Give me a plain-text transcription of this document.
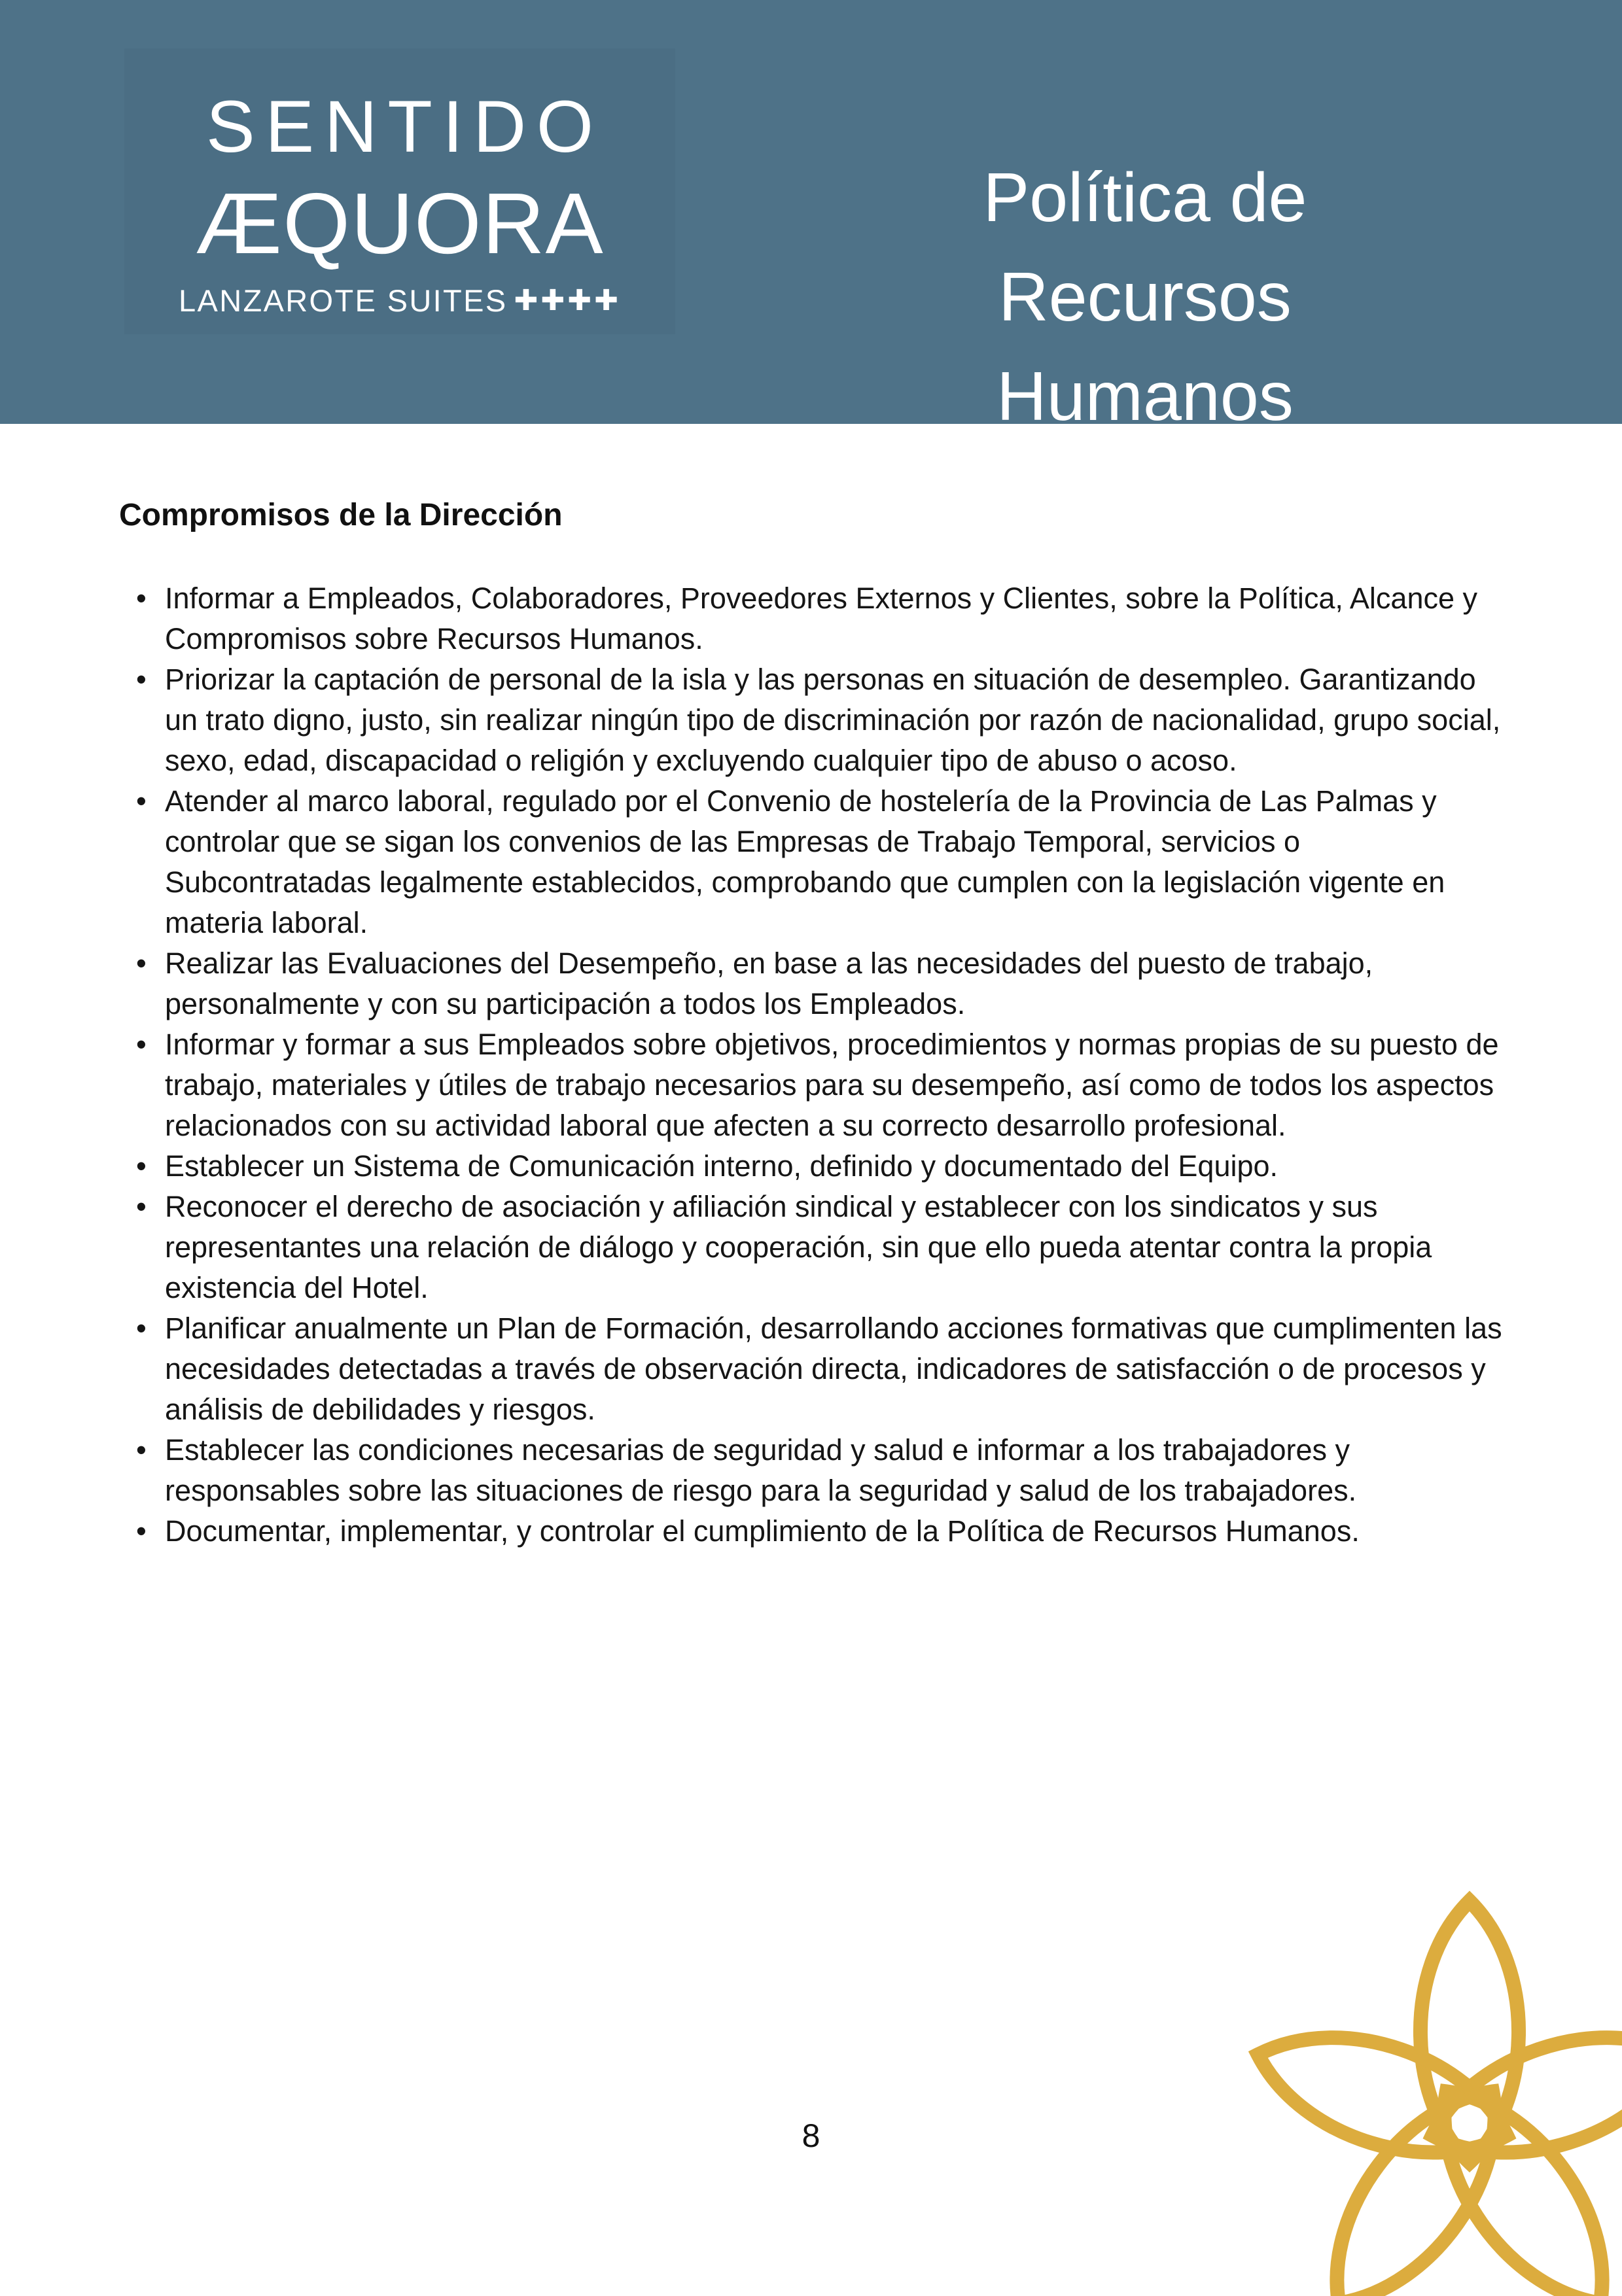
SENTIDO
ÆQUORA
LANZAROTE SUITES ✚✚✚✚
Política de
Recursos Humanos
Compromisos de la Dirección
• Informar a Empleados, Colaboradores, Proveedores Externos y Clientes, sobre la Política, Alcance y Compromisos sobre Recursos Humanos.
• Priorizar la captación de personal de la isla y las personas en situación de desempleo. Garantizando un trato digno, justo, sin realizar ningún tipo de discriminación por razón de nacionalidad, grupo social, sexo, edad, discapacidad o religión y excluyendo cualquier tipo de abuso o acoso.
• Atender al marco laboral, regulado por el Convenio de hostelería de la Provincia de Las Palmas y controlar que se sigan los convenios de las Empresas de Trabajo Temporal, servicios o Subcontratadas legalmente establecidos, comprobando que cumplen con la legislación vigente en materia laboral.
• Realizar las Evaluaciones del Desempeño, en base a las necesidades del puesto de trabajo, personalmente y con su participación a todos los Empleados.
• Informar y formar a sus Empleados sobre objetivos, procedimientos y normas propias de su puesto de trabajo, materiales y útiles de trabajo necesarios para su desempeño, así como de todos los aspectos relacionados con su actividad laboral que afecten a su correcto desarrollo profesional.
• Establecer un Sistema de Comunicación interno, definido y documentado del Equipo.
• Reconocer el derecho de asociación y afiliación sindical y establecer con los sindicatos y sus representantes una relación de diálogo y cooperación, sin que ello pueda atentar contra la propia existencia del Hotel.
• Planificar anualmente un Plan de Formación, desarrollando acciones formativas que cumplimenten las necesidades detectadas a través de observación directa, indicadores de satisfacción o de procesos y análisis de debilidades y riesgos.
• Establecer las condiciones necesarias de seguridad y salud e informar a los trabajadores y responsables sobre las situaciones de riesgo para la seguridad y salud de los trabajadores.
• Documentar, implementar, y controlar el cumplimiento de la Política de Recursos Humanos.
8
